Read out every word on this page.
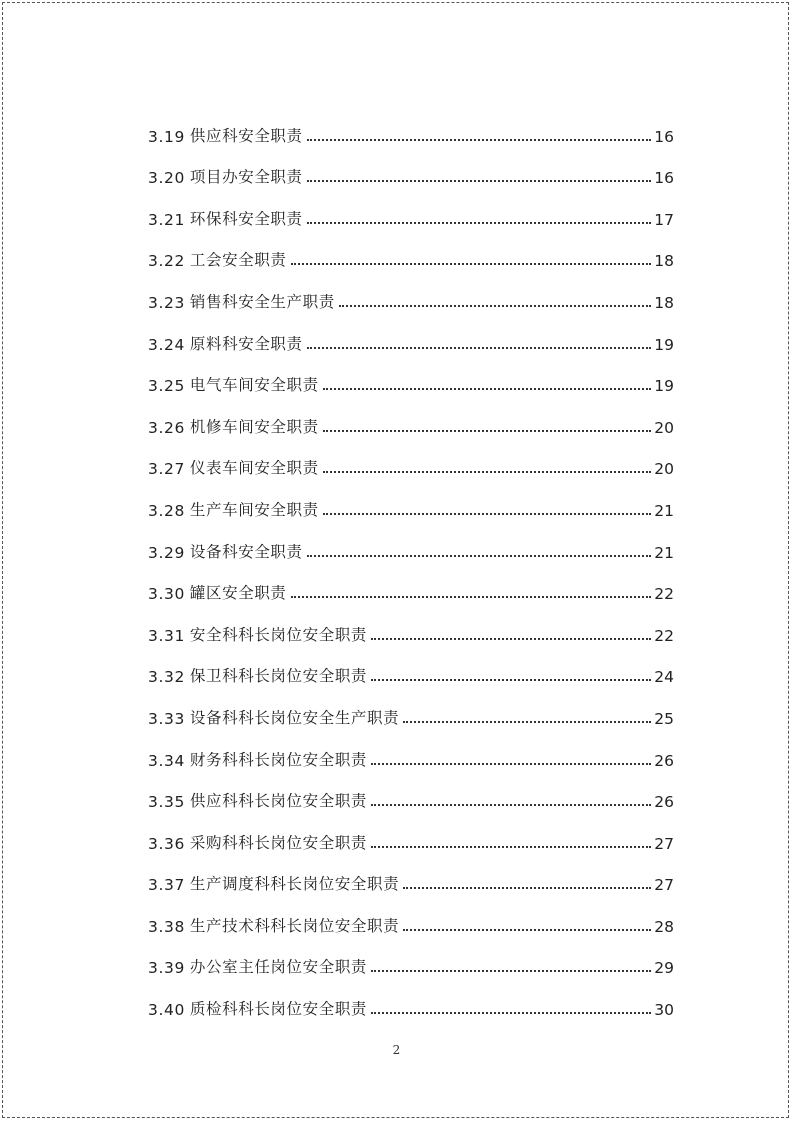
3.19 供应科安全职责	16
3.20 项目办安全职责	16
3.21 环保科安全职责	17
3.22 工会安全职责	18
3.23 销售科安全生产职责	18
3.24 原料科安全职责	19
3.25 电气车间安全职责	19
3.26 机修车间安全职责	20
3.27 仪表车间安全职责	20
3.28 生产车间安全职责	21
3.29 设备科安全职责	21
3.30 罐区安全职责	22
3.31 安全科科长岗位安全职责	22
3.32 保卫科科长岗位安全职责	24
3.33 设备科科长岗位安全生产职责	25
3.34 财务科科长岗位安全职责	26
3.35 供应科科长岗位安全职责	26
3.36 采购科科长岗位安全职责	27
3.37 生产调度科科长岗位安全职责	27
3.38 生产技术科科长岗位安全职责	28
3.39 办公室主任岗位安全职责	29
3.40 质检科科长岗位安全职责	30
2
